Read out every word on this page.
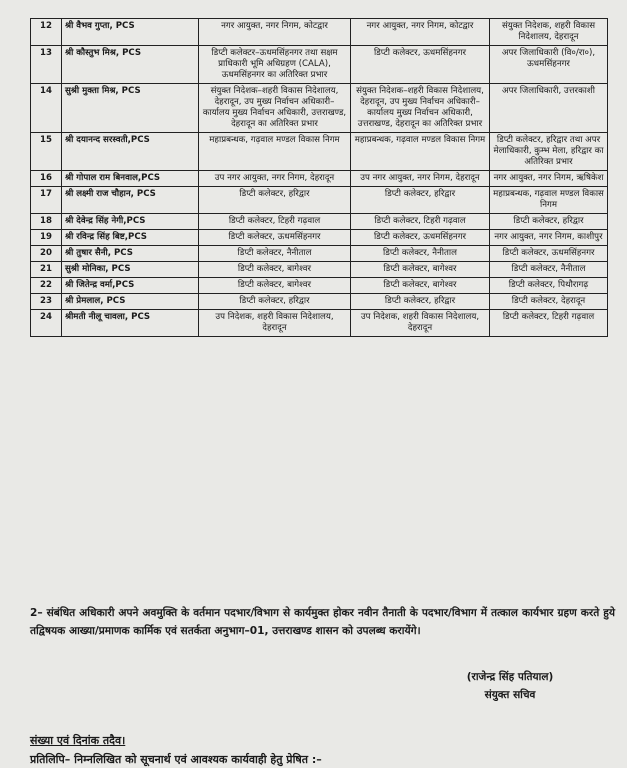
12	श्री वैभव गुप्ता, PCS	नगर आयुक्त, नगर निगम, कोटद्वार	नगर आयुक्त, नगर निगम, कोटद्वार	संयुक्त निदेशक, शहरी विकास निदेशालय, देहरादून
13	श्री कौस्तुभ मिश्र, PCS	डिप्टी कलेक्टर–ऊधमसिंहनगर तथा सक्षम प्राधिकारी भूमि अधिग्रहण (CALA), ऊधमसिंहनगर का अतिरिक्त प्रभार	डिप्टी कलेक्टर, ऊधमसिंहनगर	अपर जिलाधिकारी (वि०/रा०), ऊधमसिंहनगर
14	सुश्री मुक्ता मिश्र, PCS	संयुक्त निदेशक–शहरी विकास निदेशालय, देहरादून, उप मुख्य निर्वाचन अधिकारी–कार्यालय मुख्य निर्वाचन अधिकारी, उत्तराखण्ड, देहरादून का अतिरिक्त प्रभार	संयुक्त निदेशक–शहरी विकास निदेशालय, देहरादून, उप मुख्य निर्वाचन अधिकारी–कार्यालय मुख्य निर्वाचन अधिकारी, उत्तराखण्ड, देहरादून का अतिरिक्त प्रभार	अपर जिलाधिकारी, उत्तरकाशी
15	श्री दयानन्द सरस्वती,PCS	महाप्रबन्धक, गढ़वाल मण्डल विकास निगम	महाप्रबन्धक, गढ़वाल मण्डल विकास निगम	डिप्टी कलेक्टर, हरिद्वार तथा अपर मेलाधिकारी, कुम्भ मेला, हरिद्वार का अतिरिक्त प्रभार
16	श्री गोपाल राम बिनवाल,PCS	उप नगर आयुक्त, नगर निगम, देहरादून	उप नगर आयुक्त, नगर निगम, देहरादून	नगर आयुक्त, नगर निगम, ऋषिकेश
17	श्री लक्ष्मी राज चौहान, PCS	डिप्टी कलेक्टर, हरिद्वार	डिप्टी कलेक्टर, हरिद्वार	महाप्रबन्धक, गढ़वाल मण्डल विकास निगम
18	श्री देवेन्द्र सिंह नेगी,PCS	डिप्टी कलेक्टर, टिहरी गढ़वाल	डिप्टी कलेक्टर, टिहरी गढ़वाल	डिप्टी कलेक्टर, हरिद्वार
19	श्री रविन्द्र सिंह बिष्ट,PCS	डिप्टी कलेक्टर, ऊधमसिंहनगर	डिप्टी कलेक्टर, ऊधमसिंहनगर	नगर आयुक्त, नगर निगम, काशीपुर
20	श्री तुषार सैनी, PCS	डिप्टी कलेक्टर, नैनीताल	डिप्टी कलेक्टर, नैनीताल	डिप्टी कलेक्टर, ऊधमसिंहनगर
21	सुश्री मोनिका, PCS	डिप्टी कलेक्टर, बागेश्वर	डिप्टी कलेक्टर, बागेश्वर	डिप्टी कलेक्टर, नैनीताल
22	श्री जितेन्द्र वर्मा,PCS	डिप्टी कलेक्टर, बागेश्वर	डिप्टी कलेक्टर, बागेश्वर	डिप्टी कलेक्टर, पिथौरागढ़
23	श्री प्रेमलाल, PCS	डिप्टी कलेक्टर, हरिद्वार	डिप्टी कलेक्टर, हरिद्वार	डिप्टी कलेक्टर, देहरादून
24	श्रीमती नीलू चावला, PCS	उप निदेशक, शहरी विकास निदेशालय, देहरादून	उप निदेशक, शहरी विकास निदेशालय, देहरादून	डिप्टी कलेक्टर, टिहरी गढ़वाल
2– संबंधित अधिकारी अपने अवमुक्ति के वर्तमान पदभार/विभाग से कार्यमुक्त होकर नवीन तैनाती के पदभार/विभाग में तत्काल कार्यभार ग्रहण करते हुये तद्विषयक आख्या/प्रमाणक कार्मिक एवं सतर्कता अनुभाग–01, उत्तराखण्ड शासन को उपलब्ध करायेंगे।
(राजेन्द्र सिंह पतियाल)
संयुक्त सचिव
संख्या एवं दिनांक तदैव।
प्रतिलिपि– निम्नलिखित को सूचनार्थ एवं आवश्यक कार्यवाही हेतु प्रेषित :–
